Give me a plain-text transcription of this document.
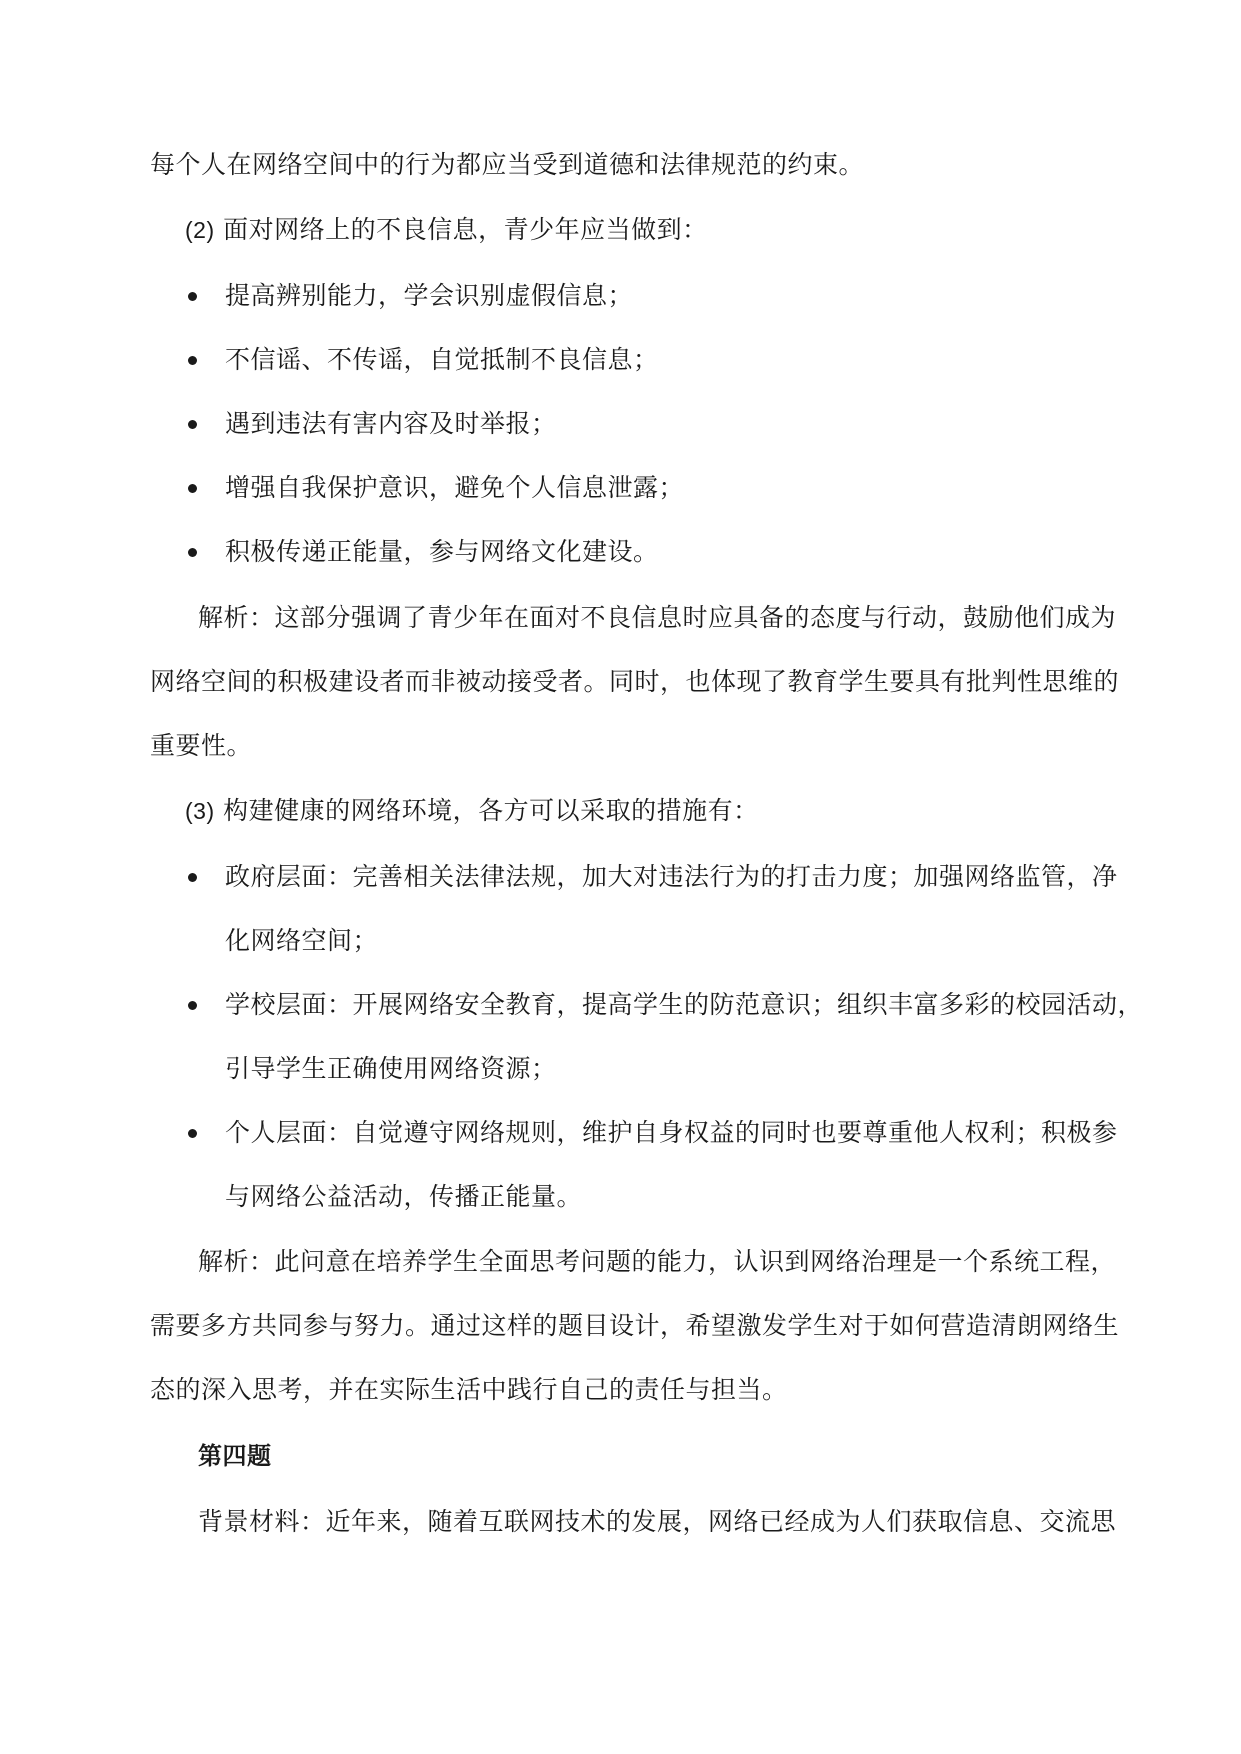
每个人在网络空间中的行为都应当受到道德和法律规范的约束。
(2) 面对网络上的不良信息，青少年应当做到：
提高辨别能力，学会识别虚假信息；
不信谣、不传谣，自觉抵制不良信息；
遇到违法有害内容及时举报；
增强自我保护意识，避免个人信息泄露；
积极传递正能量，参与网络文化建设。
解析：这部分强调了青少年在面对不良信息时应具备的态度与行动，鼓励他们成为
网络空间的积极建设者而非被动接受者。同时，也体现了教育学生要具有批判性思维的
重要性。
(3) 构建健康的网络环境，各方可以采取的措施有：
政府层面：完善相关法律法规，加大对违法行为的打击力度；加强网络监管，净
化网络空间；
学校层面：开展网络安全教育，提高学生的防范意识；组织丰富多彩的校园活动，
引导学生正确使用网络资源；
个人层面：自觉遵守网络规则，维护自身权益的同时也要尊重他人权利；积极参
与网络公益活动，传播正能量。
解析：此问意在培养学生全面思考问题的能力，认识到网络治理是一个系统工程，
需要多方共同参与努力。通过这样的题目设计，希望激发学生对于如何营造清朗网络生
态的深入思考，并在实际生活中践行自己的责任与担当。
第四题
背景材料：近年来，随着互联网技术的发展，网络已经成为人们获取信息、交流思
